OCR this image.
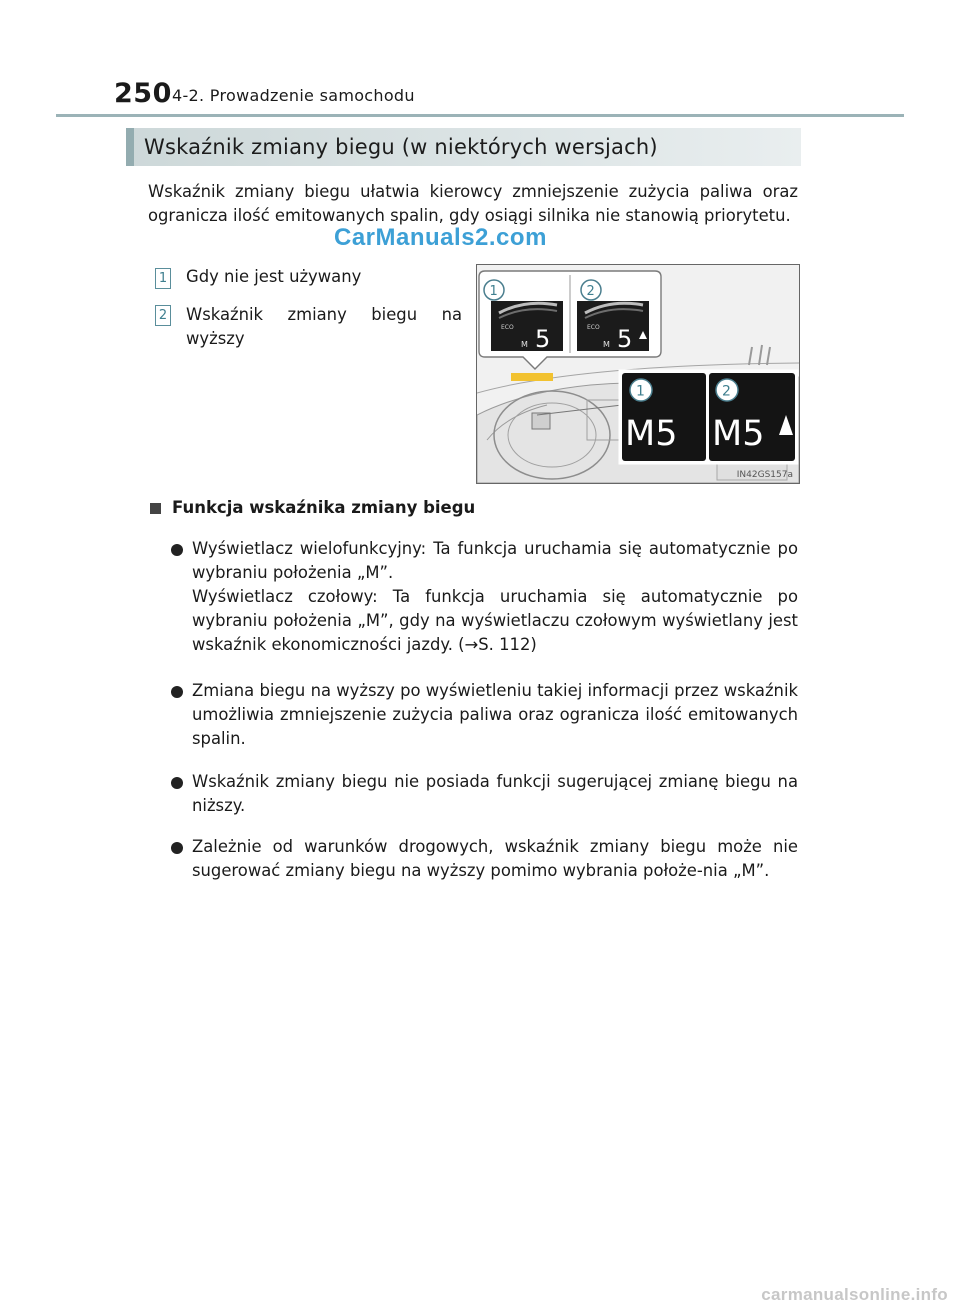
250 4-2. Prowadzenie samochodu
Wskaźnik zmiany biegu (w niektórych wersjach)
Wskaźnik zmiany biegu ułatwia kierowcy zmniejszenie zużycia paliwa oraz ogranicza ilość emitowanych spalin, gdy osiągi silnika nie stanowią priorytetu.
CarManuals2.com
1 Gdy nie jest używany
2 Wskaźnik zmiany biegu na wyższy
ECO
M 5	ECO
M 5
1	2
M5 M5
1	2
IN42GS157a
Funkcja wskaźnika zmiany biegu
Wyświetlacz wielofunkcyjny: Ta funkcja uruchamia się automatycznie po wybraniu położenia „M”.
Wyświetlacz czołowy: Ta funkcja uruchamia się automatycznie po wybraniu położenia „M”, gdy na wyświetlaczu czołowym wyświetlany jest wskaźnik ekonomiczności jazdy. (→S. 112)
Zmiana biegu na wyższy po wyświetleniu takiej informacji przez wskaźnik umożliwia zmniejszenie zużycia paliwa oraz ogranicza ilość emitowanych spalin.
Wskaźnik zmiany biegu nie posiada funkcji sugerującej zmianę biegu na niższy.
Zależnie od warunków drogowych, wskaźnik zmiany biegu może nie sugerować zmiany biegu na wyższy pomimo wybrania położe-nia „M”.
carmanualsonline.info
